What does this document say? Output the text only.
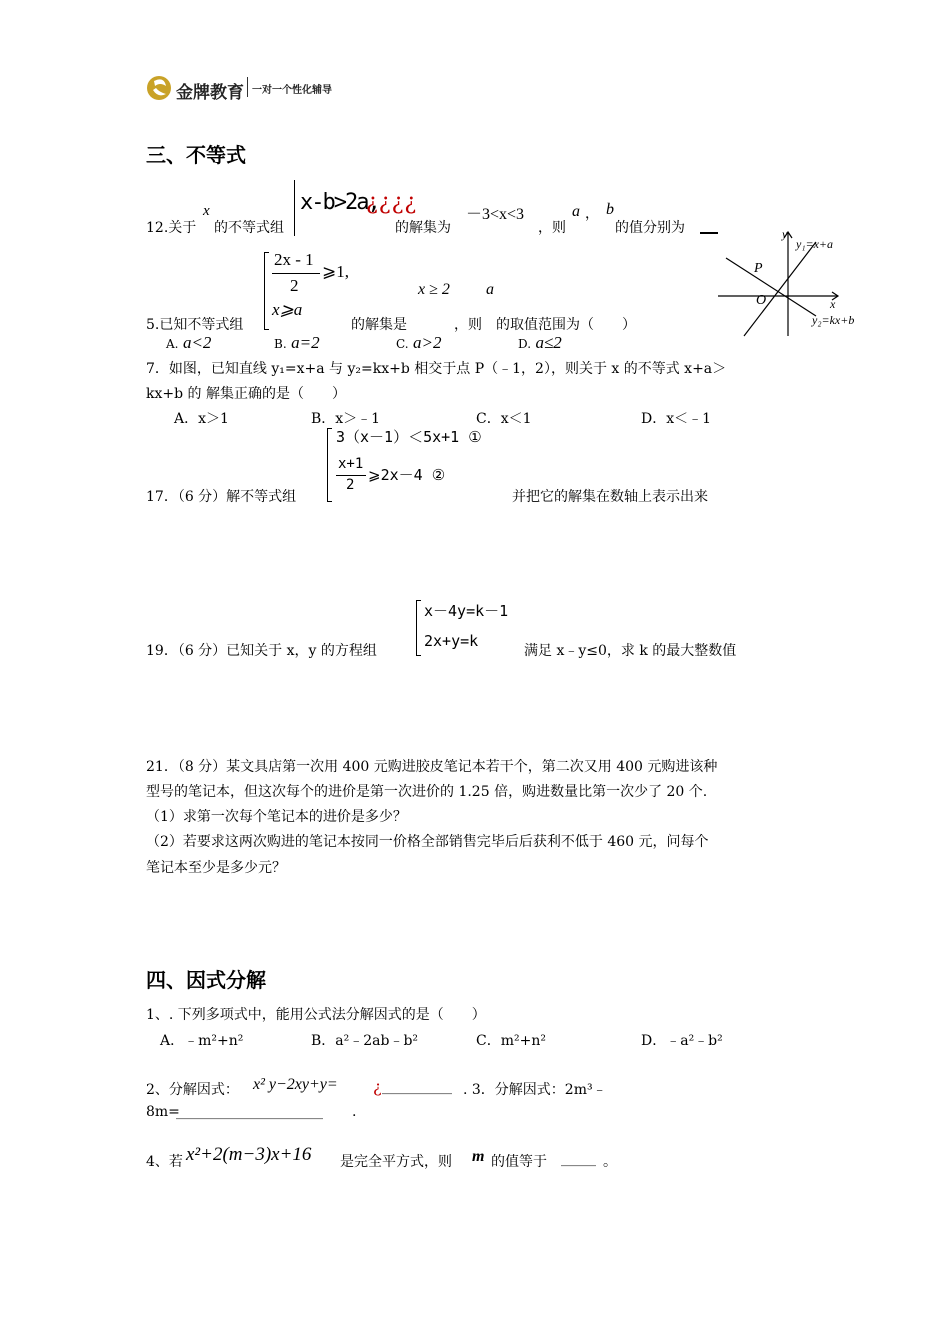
金牌教育 一对一个性化辅导
三、不等式
12.关于
x
的不等式组
x-b>2a,
¿¿¿¿
的解集为
－3<x<3
，则
a ， b
的值分别为	y
x
O
P
y₁=x+a
y₂=kx+b
5.已知不等式组
2x - 1
2
⩾1,
x⩾a
的解集是
x ≥ 2
，则
a
的取值范围为（　　）
A. a<2	B. a=2	C. a>2	D. a≤2
7．如图，已知直线 y₁=x+a 与 y₂=kx+b 相交于点 P（﹣1，2），则关于 x 的不等式 x+a＞
kx+b 的 解集正确的是（　　）
A．x＞1	B．x＞﹣1	C．x＜1	D．x＜﹣1
17．（6 分）解不等式组
3（x－1）＜5x+1 ①
x+1
2
⩾2x－4 ②
并把它的解集在数轴上表示出来
19．（6 分）已知关于 x，y 的方程组
x－4y=k－1
2x+y=k
满足 x﹣y≤0，求 k 的最大整数值
21．（8 分）某文具店第一次用 400 元购进胶皮笔记本若干个，第二次又用 400 元购进该种
型号的笔记本，但这次每个的进价是第一次进价的 1.25 倍，购进数量比第一次少了 20 个.
（1）求第一次每个笔记本的进价是多少？
（2）若要求这两次购进的笔记本按同一价格全部销售完毕后后获利不低于 460 元，问每个
笔记本至少是多少元？
四、因式分解
1、. 下列多项式中，能用公式法分解因式的是（　　）
A．﹣m²+n²	B．a²﹣2ab﹣b²	C．m²+n²	D．﹣a²﹣b²
2、分解因式： x² y−2xy+y= ¿ __________ . 3．分解因式：2m³﹣
8m=
_____________________ .
4、若 x²+2(m−3)x+16 是完全平方式，则 m 的值等于 _____ 。
